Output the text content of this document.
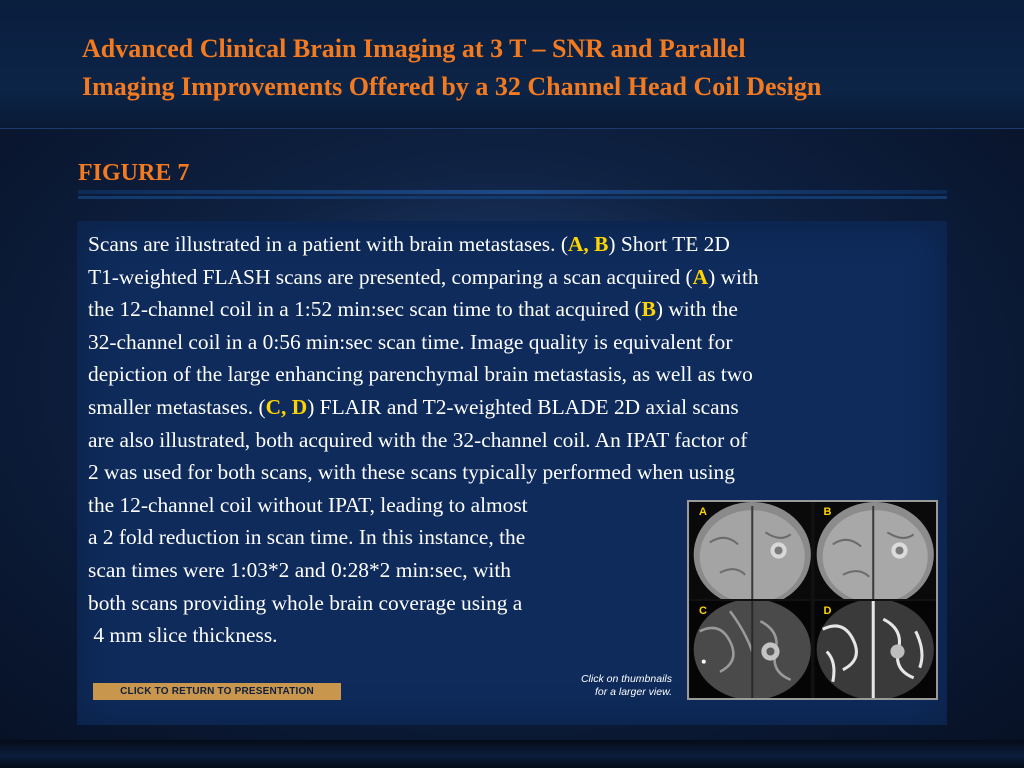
Advanced Clinical Brain Imaging at 3 T – SNR and Parallel
Imaging Improvements Offered by a 32 Channel Head Coil Design
FIGURE 7

Scans are illustrated in a patient with brain metastases. (A, B) Short TE 2D
T1-weighted FLASH scans are presented, comparing a scan acquired (A) with
the 12-channel coil in a 1:52 min:sec scan time to that acquired (B) with the
32-channel coil in a 0:56 min:sec scan time. Image quality is equivalent for
depiction of the large enhancing parenchymal brain metastasis, as well as two
smaller metastases. (C, D) FLAIR and T2-weighted BLADE 2D axial scans
are also illustrated, both acquired with the 32-channel coil. An IPAT factor of
2 was used for both scans, with these scans typically performed when using
the 12-channel coil without IPAT, leading to almost
a 2 fold reduction in scan time. In this instance, the
scan times were 1:03*2 and 0:28*2 min:sec, with
both scans providing whole brain coverage using a
4 mm slice thickness.

A	B
C	D
Click on thumbnails
for a larger view.
CLICK TO RETURN TO PRESENTATION
